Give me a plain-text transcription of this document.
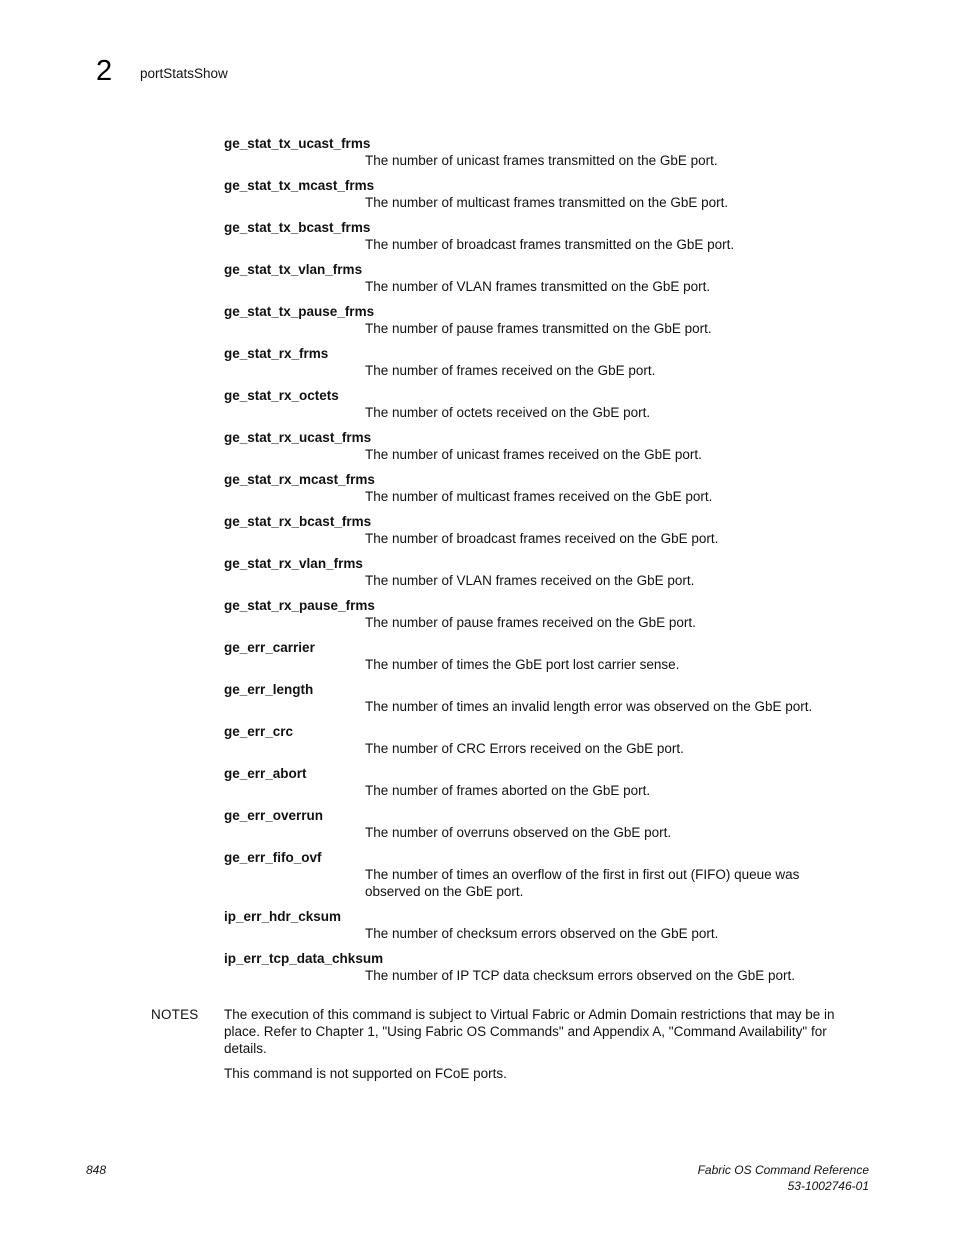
2 portStatsShow
ge_stat_tx_ucast_frms
The number of unicast frames transmitted on the GbE port.
ge_stat_tx_mcast_frms
The number of multicast frames transmitted on the GbE port.
ge_stat_tx_bcast_frms
The number of broadcast frames transmitted on the GbE port.
ge_stat_tx_vlan_frms
The number of VLAN frames transmitted on the GbE port.
ge_stat_tx_pause_frms
The number of pause frames transmitted on the GbE port.
ge_stat_rx_frms
The number of frames received on the GbE port.
ge_stat_rx_octets
The number of octets received on the GbE port.
ge_stat_rx_ucast_frms
The number of unicast frames received on the GbE port.
ge_stat_rx_mcast_frms
The number of multicast frames received on the GbE port.
ge_stat_rx_bcast_frms
The number of broadcast frames received on the GbE port.
ge_stat_rx_vlan_frms
The number of VLAN frames received on the GbE port.
ge_stat_rx_pause_frms
The number of pause frames received on the GbE port.
ge_err_carrier
The number of times the GbE port lost carrier sense.
ge_err_length
The number of times an invalid length error was observed on the GbE port.
ge_err_crc
The number of CRC Errors received on the GbE port.
ge_err_abort
The number of frames aborted on the GbE port.
ge_err_overrun
The number of overruns observed on the GbE port.
ge_err_fifo_ovf
The number of times an overflow of the first in first out (FIFO) queue was
observed on the GbE port.
ip_err_hdr_cksum
The number of checksum errors observed on the GbE port.
ip_err_tcp_data_chksum
The number of IP TCP data checksum errors observed on the GbE port.
NOTES The execution of this command is subject to Virtual Fabric or Admin Domain restrictions that may be in
place. Refer to Chapter 1, "Using Fabric OS Commands" and Appendix A, "Command Availability" for
details.

This command is not supported on FCoE ports.

848	Fabric OS Command Reference
53-1002746-01
